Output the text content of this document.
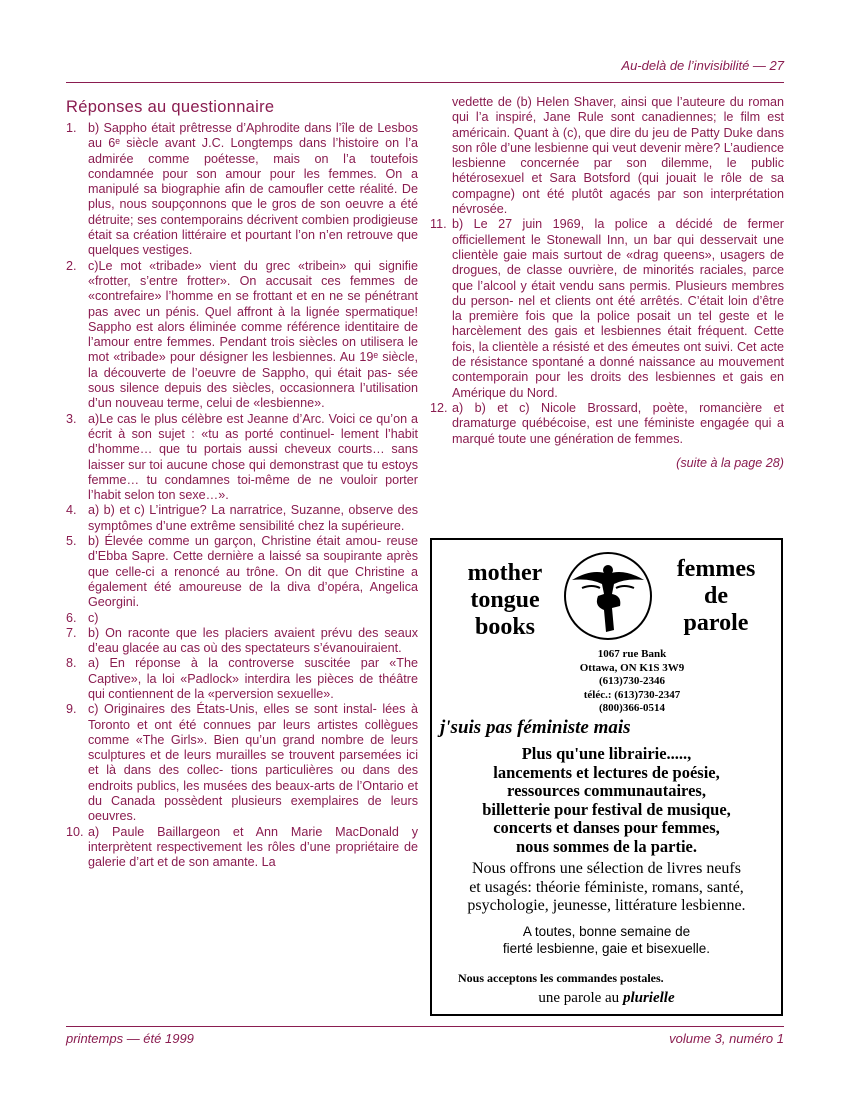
Au-delà de l’invisibilité — 27
Réponses au questionnaire
1. b) Sappho était prêtresse d’Aphrodite dans l’île de Lesbos au 6ᵉ siècle avant J.C. Longtemps dans l’histoire on l’a admirée comme poétesse, mais on l’a toutefois condamnée pour son amour pour les femmes. On a manipulé sa biographie afin de camoufler cette réalité. De plus, nous soupçonnons que le gros de son oeuvre a été détruite; ses contemporains décrivent combien prodigieuse était sa création littéraire et pourtant l’on n’en retrouve que quelques vestiges.
2. c)Le mot «tribade» vient du grec «tribein» qui signifie «frotter, s’entre frotter». On accusait ces femmes de «contrefaire» l’homme en se frottant et en ne se pénétrant pas avec un pénis. Quel affront à la lignée spermatique! Sappho est alors éliminée comme référence identitaire de l’amour entre femmes. Pendant trois siècles on utilisera le mot «tribade» pour désigner les lesbiennes. Au 19ᵉ siècle, la découverte de l’oeuvre de Sappho, qui était pas- sée sous silence depuis des siècles, occasionnera l’utilisation d’un nouveau terme, celui de «lesbienne».
3. a)Le cas le plus célèbre est Jeanne d’Arc. Voici ce qu’on a écrit à son sujet : «tu as porté continuel- lement l’habit d’homme… que tu portais aussi cheveux courts… sans laisser sur toi aucune chose qui demonstrast que tu estoys femme… tu condamnes toi-même de ne vouloir porter l’habit selon ton sexe…».
4. a) b) et c) L’intrigue? La narratrice, Suzanne, observe des symptômes d’une extrême sensibilité chez la supérieure.
5. b) Élevée comme un garçon, Christine était amou- reuse d’Ebba Sapre. Cette dernière a laissé sa soupirante après que celle-ci a renoncé au trône. On dit que Christine a également été amoureuse de la diva d’opéra, Angelica Georgini.
6. c)
7. b) On raconte que les placiers avaient prévu des seaux d’eau glacée au cas où des spectateurs s’évanouiraient.
8. a) En réponse à la controverse suscitée par «The Captive», la loi «Padlock» interdira les pièces de théâtre qui contiennent de la «perversion sexuelle».
9. c) Originaires des États-Unis, elles se sont instal- lées à Toronto et ont été connues par leurs artistes collègues comme «The Girls». Bien qu’un grand nombre de leurs sculptures et de leurs murailles se trouvent parsemées ici et là dans des collec- tions particulières ou dans des endroits publics, les musées des beaux-arts de l’Ontario et du Canada possèdent plusieurs exemplaires de leurs oeuvres.
10. a) Paule Baillargeon et Ann Marie MacDonald y interprètent respectivement les rôles d’une propriétaire de galerie d’art et de son amante. La
vedette de (b) Helen Shaver, ainsi que l’auteure du roman qui l’a inspiré, Jane Rule sont canadiennes; le film est américain. Quant à (c), que dire du jeu de Patty Duke dans son rôle d’une lesbienne qui veut devenir mère? L’audience lesbienne concernée par son dilemme, le public hétérosexuel et Sara Botsford (qui jouait le rôle de sa compagne) ont été plutôt agacés par son interprétation névrosée.
11. b) Le 27 juin 1969, la police a décidé de fermer officiellement le Stonewall Inn, un bar qui desservait une clientèle gaie mais surtout de «drag queens», usagers de drogues, de classe ouvrière, de minorités raciales, parce que l’alcool y était vendu sans permis. Plusieurs membres du person- nel et clients ont été arrêtés. C’était loin d’être la première fois que la police posait un tel geste et le harcèlement des gais et lesbiennes était fréquent. Cette fois, la clientèle a résisté et des émeutes ont suivi. Cet acte de résistance spontané a donné naissance au mouvement contemporain pour les droits des lesbiennes et gais en Amérique du Nord.
12. a) b) et c) Nicole Brossard, poète, romancière et dramaturge québécoise, est une féministe engagée qui a marqué toute une génération de femmes.
(suite à la page 28)
mother
tongue
books
femmes
de
parole
1067 rue Bank
Ottawa, ON K1S 3W9
(613)730-2346
téléc.: (613)730-2347
(800)366-0514
j'suis pas féministe mais
Plus qu'une librairie.....,
lancements et lectures de poésie,
ressources communautaires,
billetterie pour festival de musique,
concerts et danses pour femmes,
nous sommes de la partie.
Nous offrons une sélection de livres neufs
et usagés: théorie féministe, romans, santé,
psychologie, jeunesse, littérature lesbienne.
A toutes, bonne semaine de
fierté lesbienne, gaie et bisexuelle.
Nous acceptons les commandes postales.
une parole au plurielle
printemps — été 1999	volume 3, numéro 1
